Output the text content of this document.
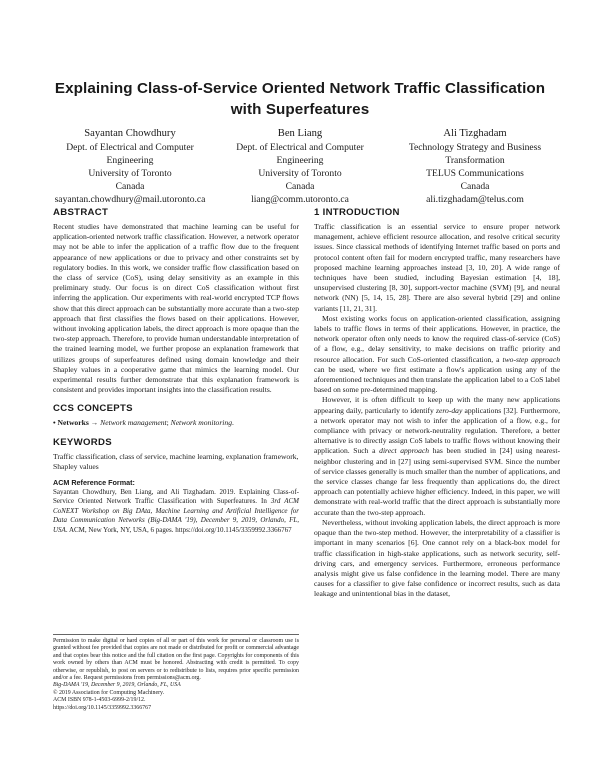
Explaining Class-of-Service Oriented Network Traffic Classification with Superfeatures
Sayantan Chowdhury
Dept. of Electrical and Computer
Engineering
University of Toronto
Canada
sayantan.chowdhury@mail.utoronto.ca
Ben Liang
Dept. of Electrical and Computer
Engineering
University of Toronto
Canada
liang@comm.utoronto.ca
Ali Tizghadam
Technology Strategy and Business
Transformation
TELUS Communications
Canada
ali.tizghadam@telus.com
ABSTRACT

Recent studies have demonstrated that machine learning can be useful for application-oriented network traffic classification. However, a network operator may not be able to infer the application of a traffic flow due to the frequent appearance of new applications or due to privacy and other constraints set by regulatory bodies. In this work, we consider traffic flow classification based on the class of service (CoS), using delay sensitivity as an example in this preliminary study. Our focus is on direct CoS classification without first inferring the application. Our experiments with real-world encrypted TCP flows show that this direct approach can be substantially more accurate than a two-step approach that first classifies the flows based on their applications. However, without invoking application labels, the direct approach is more opaque than the two-step approach. Therefore, to provide human understandable interpretation of the trained learning model, we further propose an explanation framework that utilizes groups of superfeatures defined using domain knowledge and their Shapley values in a cooperative game that mimics the learning model. Our experimental results further demonstrate that this explanation framework is consistent and provides important insights into the classification results.

CCS CONCEPTS
• Networks → Network management; Network monitoring.
KEYWORDS

Traffic classification, class of service, machine learning, explanation framework, Shapley values

ACM Reference Format:

Sayantan Chowdhury, Ben Liang, and Ali Tizghadam. 2019. Explaining Class-of-Service Oriented Network Traffic Classification with Superfeatures. In 3rd ACM CoNEXT Workshop on Big DAta, Machine Learning and Artificial Intelligence for Data Communication Networks (Big-DAMA '19), December 9, 2019, Orlando, FL, USA. ACM, New York, NY, USA, 6 pages. https://doi.org/10.1145/3359992.3366767

Permission to make digital or hard copies of all or part of this work for personal or classroom use is granted without fee provided that copies are not made or distributed for profit or commercial advantage and that copies bear this notice and the full citation on the first page. Copyrights for components of this work owned by others than ACM must be honored. Abstracting with credit is permitted. To copy otherwise, or republish, to post on servers or to redistribute to lists, requires prior specific permission and/or a fee. Request permissions from permissions@acm.org.

Big-DAMA '19, December 9, 2019, Orlando, FL, USA

© 2019 Association for Computing Machinery.

ACM ISBN 978-1-4503-6999-2/19/12.

https://doi.org/10.1145/3359992.3366767

1 INTRODUCTION

Traffic classification is an essential service to ensure proper network management, achieve efficient resource allocation, and resolve critical security issues. Since classical methods of identifying Internet traffic based on ports and protocol content often fail for modern encrypted traffic, many researchers have proposed machine learning approaches instead [3, 10, 20]. A wide range of techniques have been studied, including Bayesian estimation [4, 18], unsupervised clustering [8, 30], support-vector machine (SVM) [9], and neural network (NN) [5, 14, 15, 28]. There are also several hybrid [29] and online variants [11, 21, 31].

Most existing works focus on application-oriented classification, assigning labels to traffic flows in terms of their applications. However, in practice, the network operator often only needs to know the required class-of-service (CoS) of a flow, e.g., delay sensitivity, to make decisions on traffic priority and resource allocation. For such CoS-oriented classification, a two-step approach can be used, where we first estimate a flow's application using any of the aforementioned techniques and then translate the application label to a CoS label based on some pre-determined mapping.

However, it is often difficult to keep up with the many new applications appearing daily, particularly to identify zero-day applications [32]. Furthermore, a network operator may not wish to infer the application of a flow, e.g., for compliance with privacy or network-neutrality regulation. Therefore, a better alternative is to directly assign CoS labels to traffic flows without knowing their application. Such a direct approach has been studied in [24] using nearest-neighbor clustering and in [27] using semi-supervised SVM. Since the number of service classes generally is much smaller than the number of applications, and the service classes change far less frequently than applications do, the direct approach can potentially achieve higher efficiency. Indeed, in this paper, we will demonstrate with real-world traffic that the direct approach is substantially more accurate than the two-step approach.

Nevertheless, without invoking application labels, the direct approach is more opaque than the two-step method. However, the interpretability of a classifier is important in many scenarios [6]. One cannot rely on a black-box model for traffic classification in high-stake applications, such as network security, self-driving cars, and emergency services. Furthermore, erroneous performance analysis might give us false confidence in the learning model. There are many causes for a classifier to give false confidence or incorrect results, such as data leakage and unintentional bias in the dataset,
